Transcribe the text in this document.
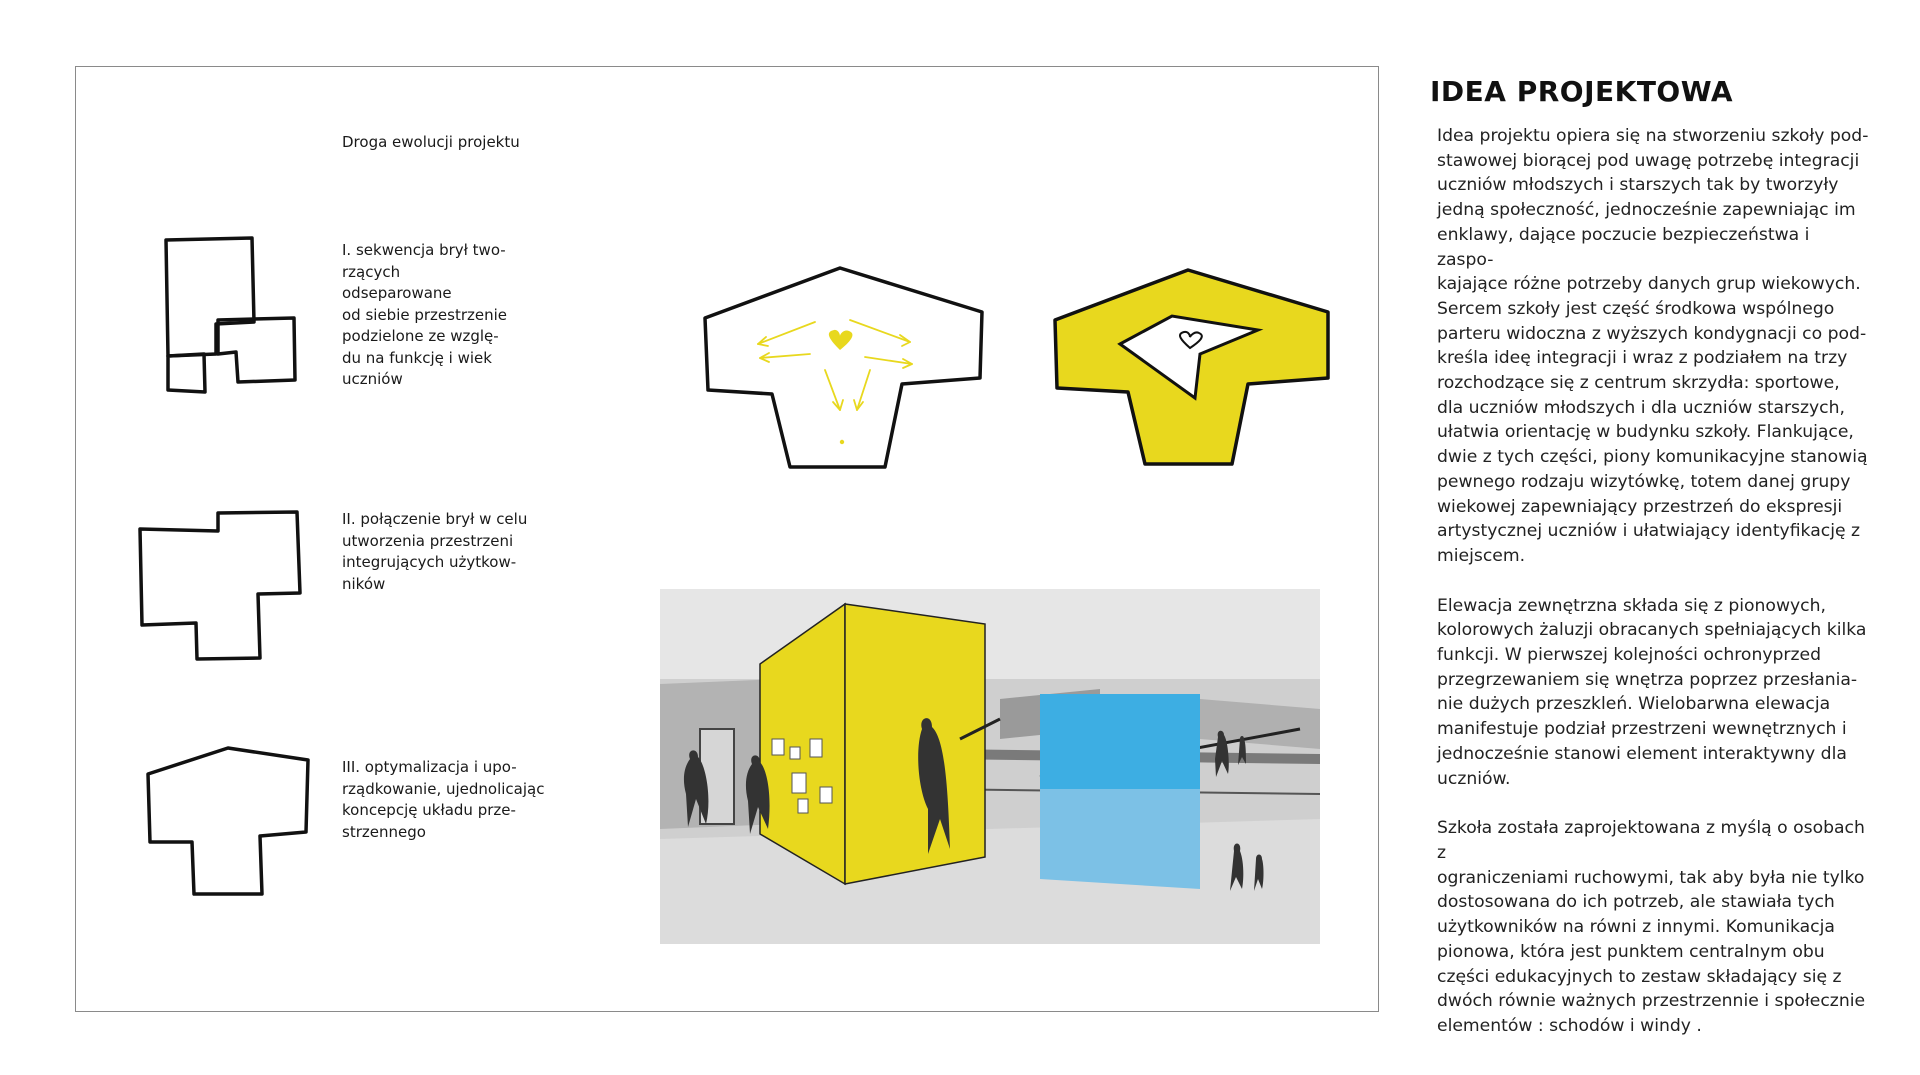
Droga ewolucji projektu
I. sekwencja brył two-
rzących odseparowane
od siebie przestrzenie
podzielone ze wzglę-
du na funkcję i wiek
uczniów
II. połączenie brył w celu
utworzenia przestrzeni
integrujących użytkow-
ników
III. optymalizacja i upo-
rządkowanie, ujednolicając
koncepcję układu prze-
strzennego
IDEA PROJEKTOWA

Idea projektu opiera się na stworzeniu szkoły pod-
stawowej biorącej pod uwagę potrzebę integracji
uczniów młodszych i starszych tak by tworzyły
jedną społeczność, jednocześnie zapewniając im
enklawy, dające poczucie bezpieczeństwa i zaspo-
kajające różne potrzeby danych grup wiekowych.
Sercem szkoły jest część środkowa wspólnego
parteru widoczna z wyższych kondygnacji co pod-
kreśla ideę integracji i wraz z podziałem na trzy
rozchodzące się z centrum skrzydła: sportowe,
dla uczniów młodszych i dla uczniów starszych,
ułatwia orientację w budynku szkoły. Flankujące,
dwie z tych części, piony komunikacyjne stanowią
pewnego rodzaju wizytówkę, totem danej grupy
wiekowej zapewniający przestrzeń do ekspresji
artystycznej uczniów i ułatwiający identyfikację z
miejscem.

Elewacja zewnętrzna składa się z pionowych,
kolorowych żaluzji obracanych spełniających kilka
funkcji. W pierwszej kolejności ochronyprzed
przegrzewaniem się wnętrza poprzez przesłania-
nie dużych przeszkleń. Wielobarwna elewacja
manifestuje podział przestrzeni wewnętrznych i
jednocześnie stanowi element interaktywny dla
uczniów.

Szkoła została zaprojektowana z myślą o osobach z
ograniczeniami ruchowymi, tak aby była nie tylko
dostosowana do ich potrzeb, ale stawiała tych
użytkowników na równi z innymi. Komunikacja
pionowa, która jest punktem centralnym obu
części edukacyjnych to zestaw składający się z
dwóch równie ważnych przestrzennie i społecznie
elementów : schodów i windy .
